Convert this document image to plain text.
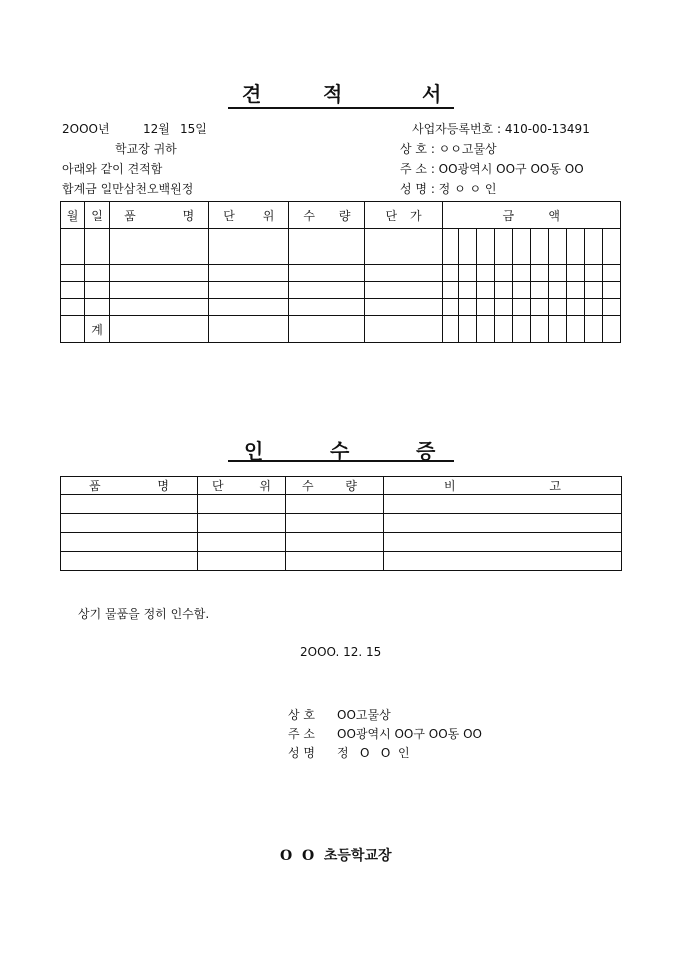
견	적	서
2OOO년	12월 15일
학교장 귀하
아래와 같이 견적함
합계금 일만삼천오백원정
사업자등록번호 : 410-00-13491
상 호 : ㅇㅇ고물상
주 소 : OO광역시 OO구 OO동 OO
성 명 : 정 ㅇ ㅇ 인
월	일	품 명	단 위	수 량	단 가	금 액									

	계														
인	수	증
품 명	단 위	수 량	비 고

상기 물품을 정히 인수함.
2OOO. 12. 15
상 호 OO고물상
주 소 OO광역시 OO구 OO동 OO
성 명 정   O   O  인
O  O  초등학교장
